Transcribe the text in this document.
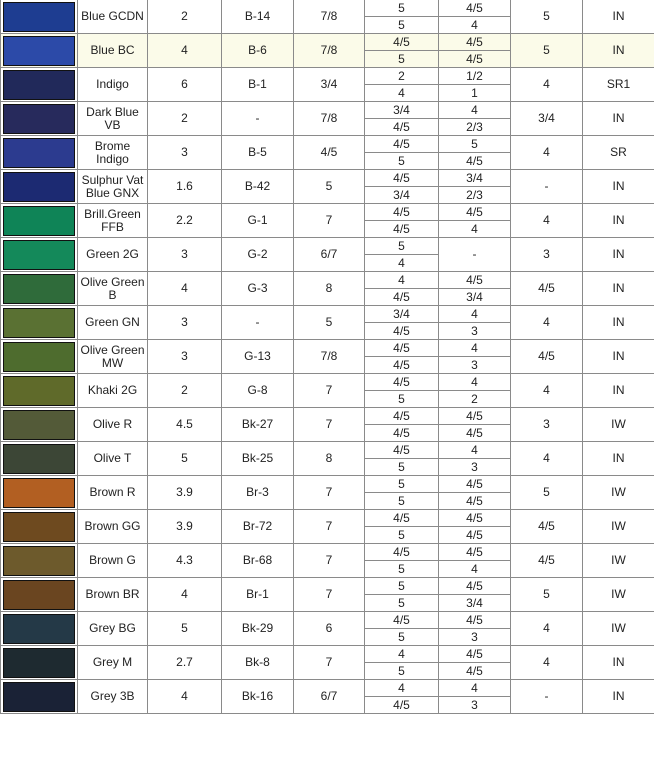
	Blue GCDN	2	B-14	7/8	5	4/5	5	IN
					5	4		

	Blue BC	4	B-6	7/8	4/5	4/5	5	IN
					5	4/5		

	Indigo	6	B-1	3/4	2	1/2	4	SR1
					4	1		

	Dark Blue VB	2	-	7/8	3/4	4	3/4	IN
					4/5	2/3		

	Brome Indigo	3	B-5	4/5	4/5	5	4	SR
					5	4/5		

	Sulphur Vat Blue GNX	1.6	B-42	5	4/5	3/4	-	IN
					3/4	2/3		

	Brill.Green FFB	2.2	G-1	7	4/5	4/5	4	IN
					4/5	4		

	Green 2G	3	G-2	6/7	5	-	3	IN
					4			

	Olive Green B	4	G-3	8	4	4/5	4/5	IN
					4/5	3/4		

	Green GN	3	-	5	3/4	4	4	IN
					4/5	3		

	Olive Green MW	3	G-13	7/8	4/5	4	4/5	IN
					4/5	3		

	Khaki 2G	2	G-8	7	4/5	4	4	IN
					5	2		

	Olive R	4.5	Bk-27	7	4/5	4/5	3	IW
					4/5	4/5		

	Olive T	5	Bk-25	8	4/5	4	4	IN
					5	3		

	Brown R	3.9	Br-3	7	5	4/5	5	IW
					5	4/5		

	Brown GG	3.9	Br-72	7	4/5	4/5	4/5	IW
					5	4/5		

	Brown G	4.3	Br-68	7	4/5	4/5	4/5	IW
					5	4		

	Brown BR	4	Br-1	7	5	4/5	5	IW
					5	3/4		

	Grey BG	5	Bk-29	6	4/5	4/5	4	IW
					5	3		

	Grey M	2.7	Bk-8	7	4	4/5	4	IN
					5	4/5		

	Grey 3B	4	Bk-16	6/7	4	4	-	IN
					4/5	3		
